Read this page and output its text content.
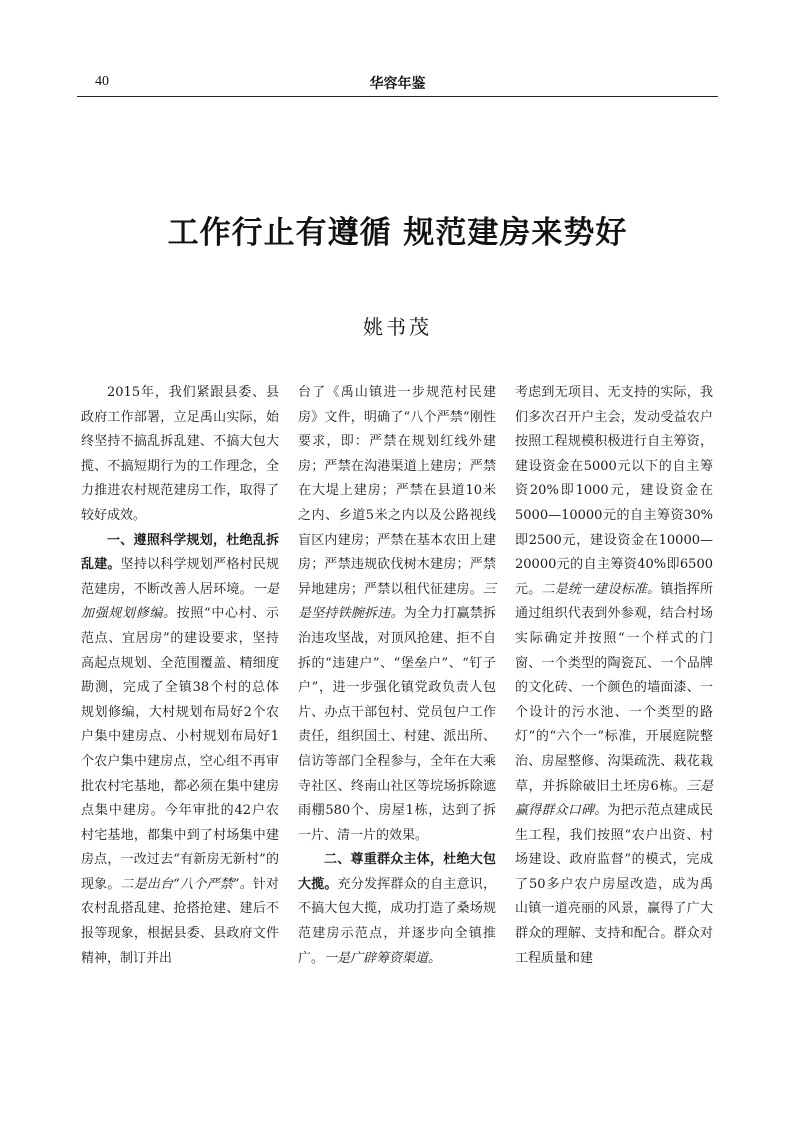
40	华容年鉴
工作行止有遵循 规范建房来势好
姚书茂

2015年，我们紧跟县委、县政府工作部署，立足禹山实际，始终坚持不搞乱拆乱建、不搞大包大揽、不搞短期行为的工作理念，全力推进农村规范建房工作，取得了较好成效。

一、遵照科学规划，杜绝乱拆乱建。坚持以科学规划严格村民规范建房，不断改善人居环境。一是加强规划修编。按照“中心村、示范点、宜居房”的建设要求，坚持高起点规划、全范围覆盖、精细度勘测，完成了全镇38个村的总体规划修编，大村规划布局好2个农户集中建房点、小村规划布局好1个农户集中建房点，空心组不再审批农村宅基地，都必须在集中建房点集中建房。今年审批的42户农村宅基地，都集中到了村场集中建房点，一改过去“有新房无新村”的现象。二是出台“八个严禁”。针对农村乱搭乱建、抢搭抢建、建后不报等现象，根据县委、县政府文件精神，制订并出

台了《禹山镇进一步规范村民建房》文件，明确了“八个严禁”刚性要求，即：严禁在规划红线外建房；严禁在沟港渠道上建房；严禁在大堤上建房；严禁在县道10米之内、乡道5米之内以及公路视线盲区内建房；严禁在基本农田上建房；严禁违规砍伐树木建房；严禁异地建房；严禁以租代征建房。三是坚持铁腕拆违。为全力打赢禁拆治违攻坚战，对顶风抢建、拒不自拆的“违建户”、“堡垒户”、“钉子户”，进一步强化镇党政负责人包片、办点干部包村、党员包户工作责任，组织国土、村建、派出所、信访等部门全程参与，全年在大乘寺社区、终南山社区等垸场拆除遮雨棚580个、房屋1栋，达到了拆一片、清一片的效果。

二、尊重群众主体，杜绝大包大揽。充分发挥群众的自主意识，不搞大包大揽，成功打造了桑场规范建房示范点，并逐步向全镇推广。一是广辟筹资渠道。

考虑到无项目、无支持的实际，我们多次召开户主会，发动受益农户按照工程规模积极进行自主筹资，建设资金在5000元以下的自主筹资20%即1000元，建设资金在5000—10000元的自主筹资30%即2500元，建设资金在10000—20000元的自主筹资40%即6500元。二是统一建设标准。镇指挥所通过组织代表到外参观，结合村场实际确定并按照“一个样式的门窗、一个类型的陶瓷瓦、一个品牌的文化砖、一个颜色的墙面漆、一个设计的污水池、一个类型的路灯”的“六个一”标准，开展庭院整治、房屋整修、沟渠疏洗、栽花栽草，并拆除破旧土坯房6栋。三是赢得群众口碑。为把示范点建成民生工程，我们按照“农户出资、村场建设、政府监督”的模式，完成了50多户农户房屋改造，成为禹山镇一道亮丽的风景，赢得了广大群众的理解、支持和配合。群众对工程质量和建
